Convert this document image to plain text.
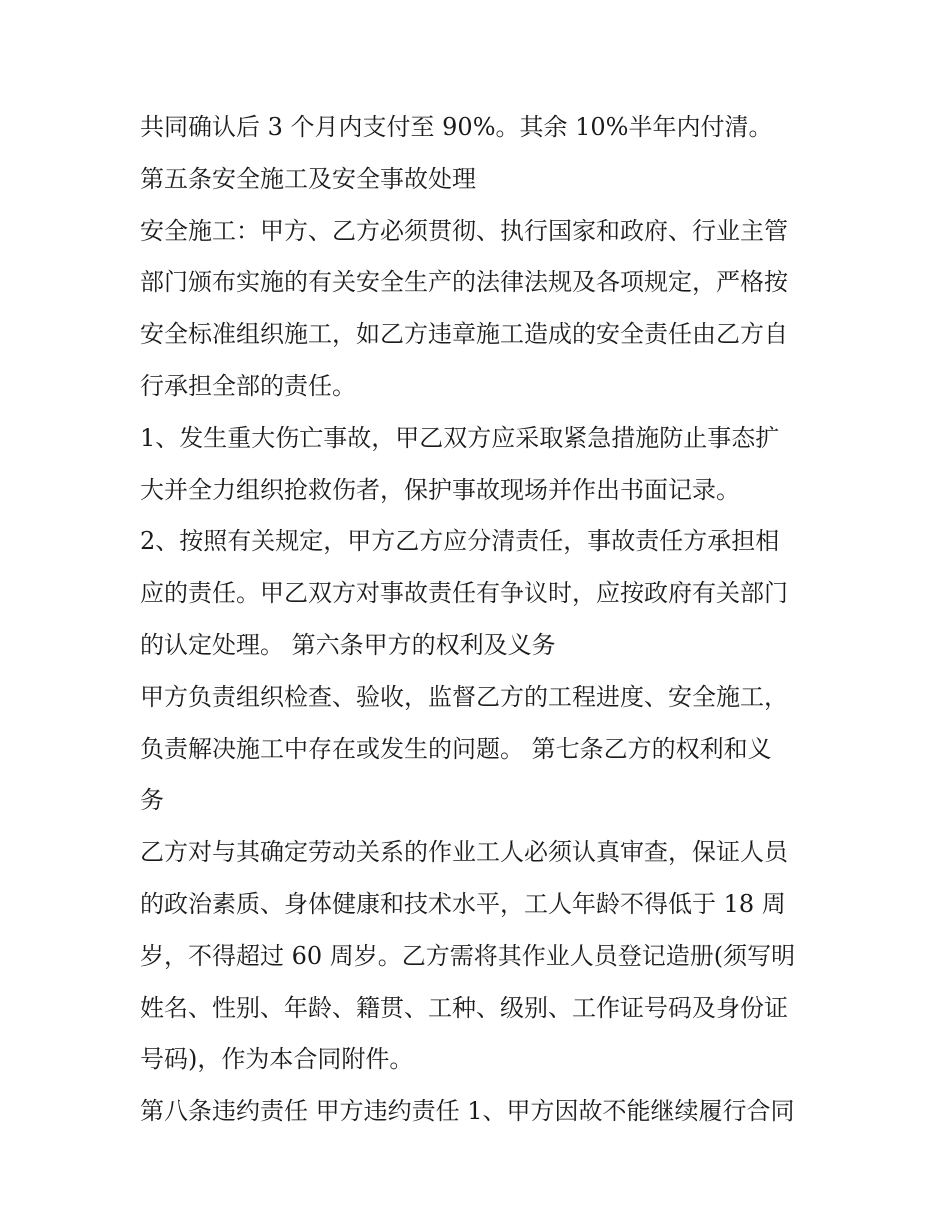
共同确认后 3 个月内支付至 90%。其余 10%半年内付清。
第五条安全施工及安全事故处理
安全施工：甲方、乙方必须贯彻、执行国家和政府、行业主管
部门颁布实施的有关安全生产的法律法规及各项规定，严格按
安全标准组织施工，如乙方违章施工造成的安全责任由乙方自
行承担全部的责任。
1、发生重大伤亡事故，甲乙双方应采取紧急措施防止事态扩
大并全力组织抢救伤者，保护事故现场并作出书面记录。
2、按照有关规定，甲方乙方应分清责任，事故责任方承担相
应的责任。甲乙双方对事故责任有争议时，应按政府有关部门
的认定处理。 第六条甲方的权利及义务
甲方负责组织检查、验收，监督乙方的工程进度、安全施工，
负责解决施工中存在或发生的问题。 第七条乙方的权利和义
务
乙方对与其确定劳动关系的作业工人必须认真审查，保证人员
的政治素质、身体健康和技术水平，工人年龄不得低于 18 周
岁，不得超过 60 周岁。乙方需将其作业人员登记造册(须写明
姓名、性别、年龄、籍贯、工种、级别、工作证号码及身份证
号码)，作为本合同附件。
第八条违约责任 甲方违约责任 1、甲方因故不能继续履行合同
